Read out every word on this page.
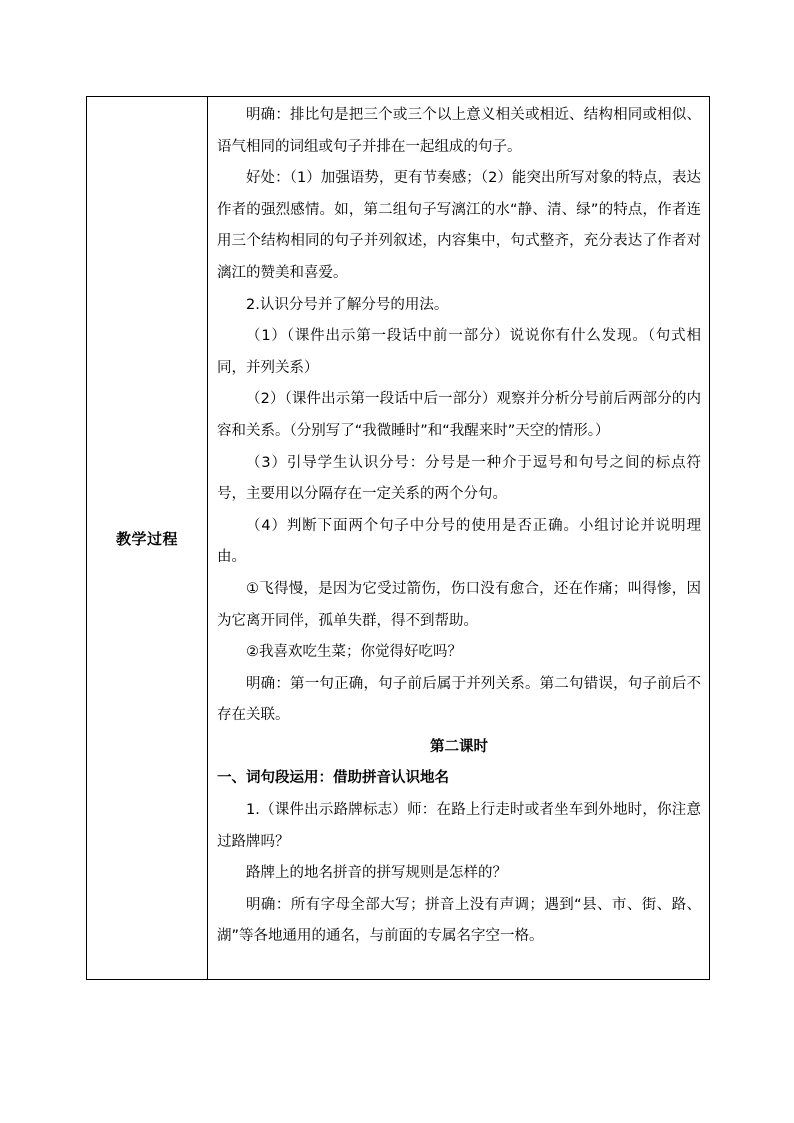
教学过程	

明确：排比句是把三个或三个以上意义相关或相近、结构相同或相似、语气相同的词组或句子并排在一起组成的句子。

好处：（1）加强语势，更有节奏感；（2）能突出所写对象的特点，表达作者的强烈感情。如，第二组句子写漓江的水“静、清、绿”的特点，作者连用三个结构相同的句子并列叙述，内容集中，句式整齐，充分表达了作者对漓江的赞美和喜爱。

2.认识分号并了解分号的用法。

（1）（课件出示第一段话中前一部分）说说你有什么发现。（句式相同，并列关系）

（2）（课件出示第一段话中后一部分）观察并分析分号前后两部分的内容和关系。（分别写了“我微睡时”和“我醒来时”天空的情形。）

（3）引导学生认识分号：分号是一种介于逗号和句号之间的标点符号，主要用以分隔存在一定关系的两个分句。

（4）判断下面两个句子中分号的使用是否正确。小组讨论并说明理由。

①飞得慢，是因为它受过箭伤，伤口没有愈合，还在作痛；叫得惨，因为它离开同伴，孤单失群，得不到帮助。

②我喜欢吃生菜；你觉得好吃吗？

明确：第一句正确，句子前后属于并列关系。第二句错误，句子前后不存在关联。

第二课时

一、词句段运用：借助拼音认识地名

1.（课件出示路牌标志）师：在路上行走时或者坐车到外地时，你注意过路牌吗？

路牌上的地名拼音的拼写规则是怎样的？

明确：所有字母全部大写；拼音上没有声调；遇到“县、市、街、路、湖”等各地通用的通名，与前面的专属名字空一格。
